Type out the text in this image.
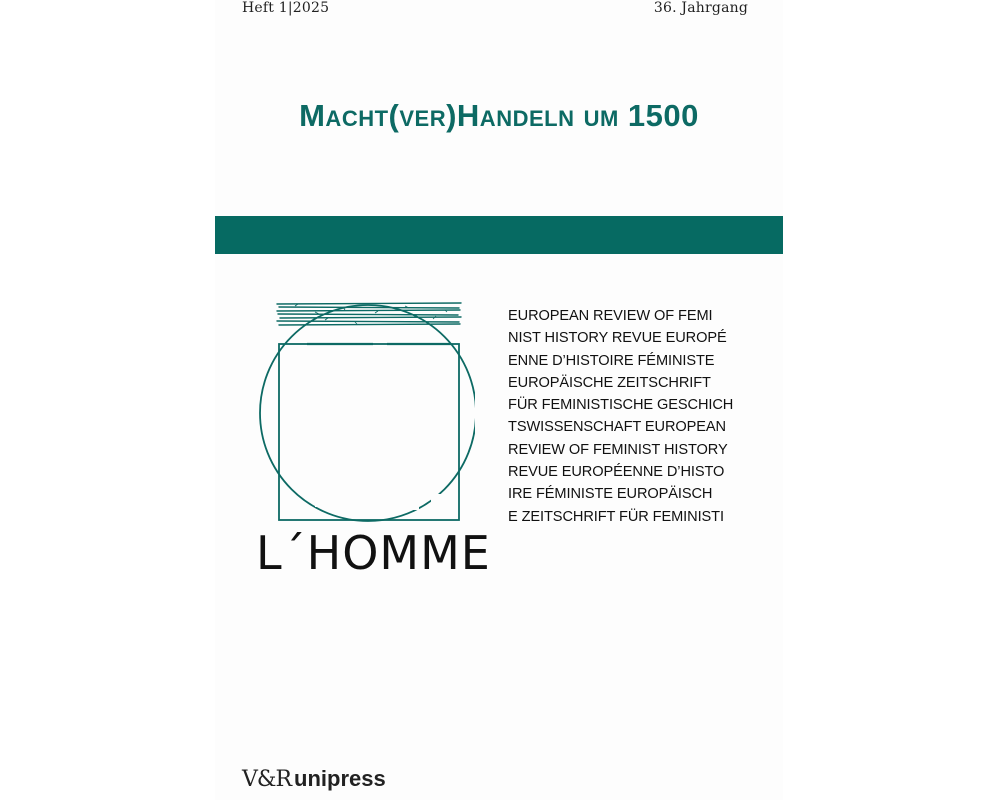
Heft 1|2025	36. Jahrgang
Macht(ver)Handeln um 1500
L´HOMME
EUROPEAN REVIEW OF FEMI
NIST HISTORY REVUE EUROPÉ
ENNE D’HISTOIRE FÉMINISTE
EUROPÄISCHE ZEITSCHRIFT
FÜR FEMINISTISCHE GESCHICH
TSWISSENSCHAFT EUROPEAN
REVIEW OF FEMINIST HISTORY
REVUE EUROPÉENNE D’HISTO
IRE FÉMINISTE EUROPÄISCH
E ZEITSCHRIFT FÜR FEMINISTI
V&R unipress
